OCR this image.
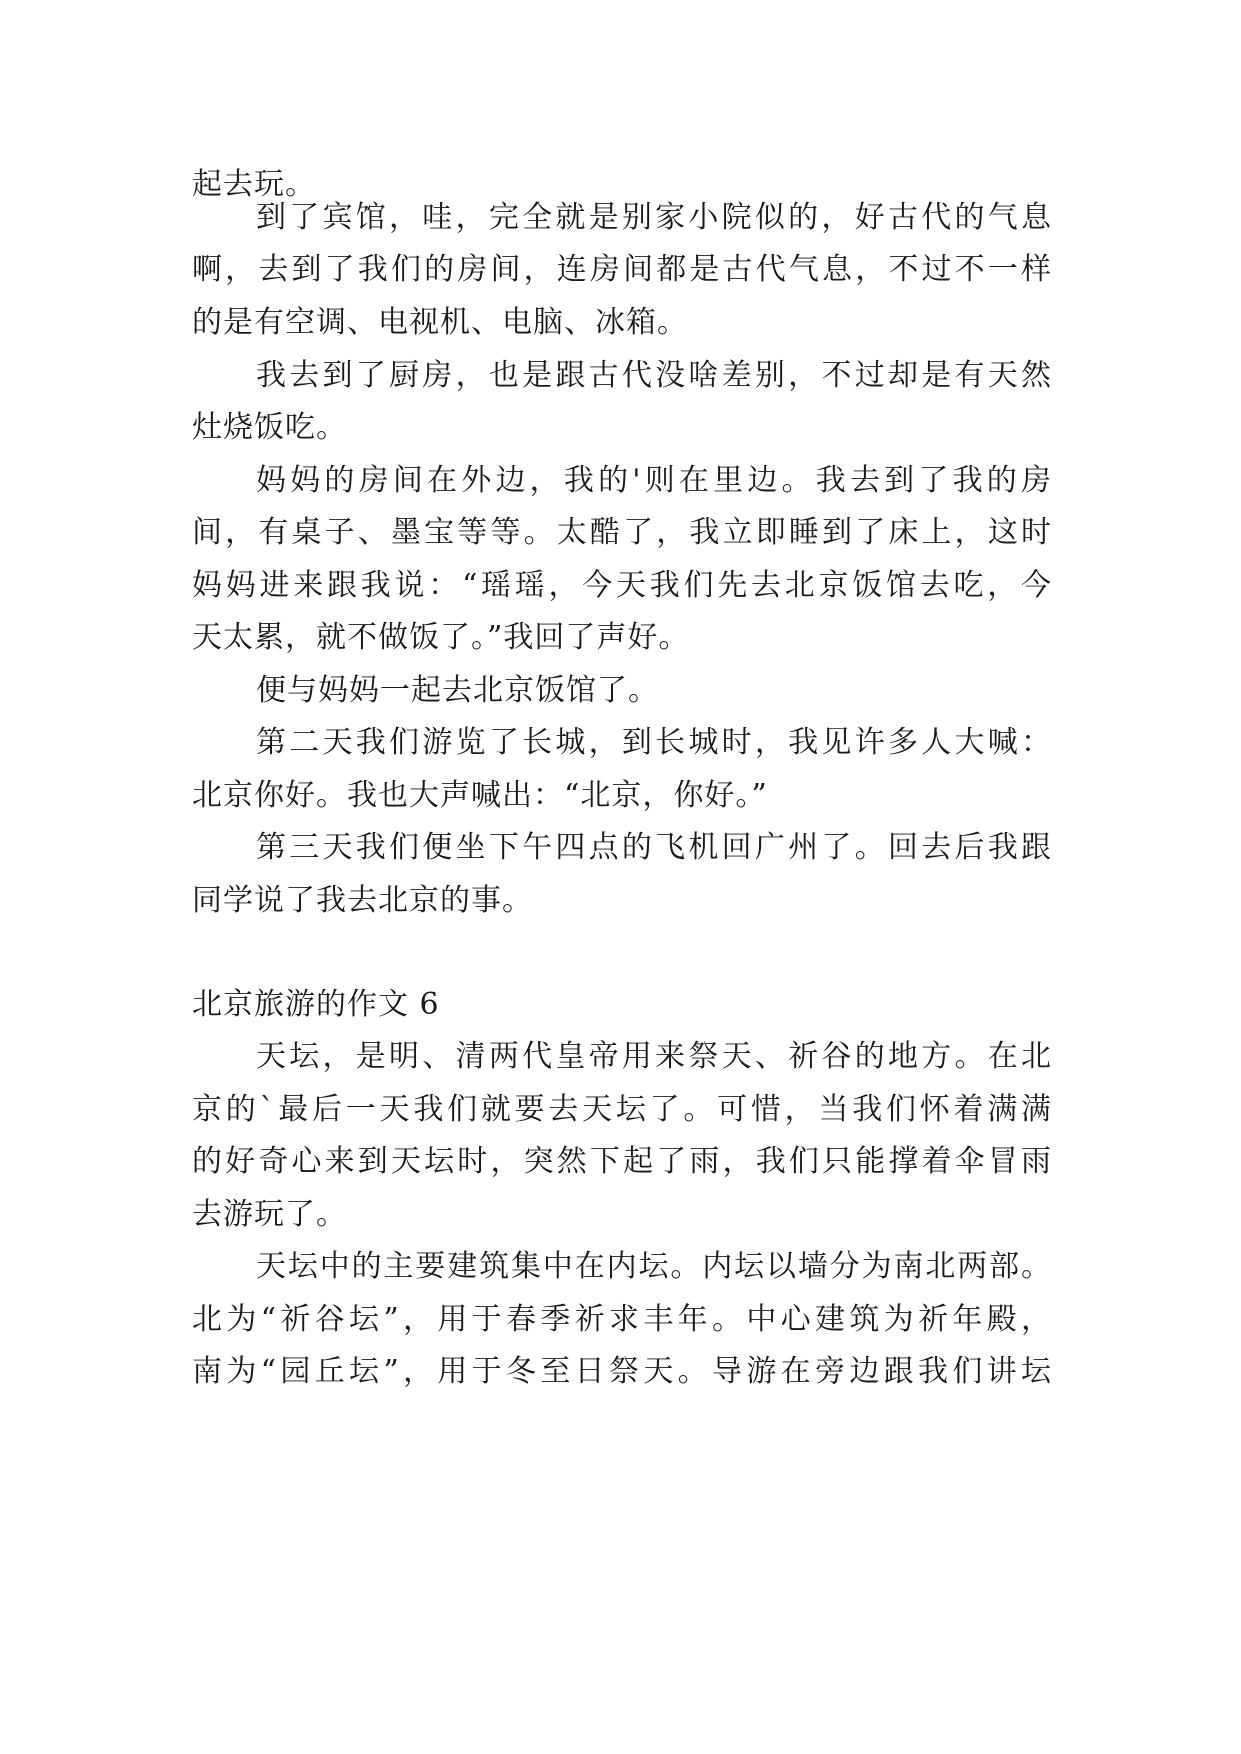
起去玩。
到了宾馆，哇，完全就是别家小院似的，好古代的气息
啊，去到了我们的房间，连房间都是古代气息，不过不一样
的是有空调、电视机、电脑、冰箱。
我去到了厨房，也是跟古代没啥差别，不过却是有天然
灶烧饭吃。
妈妈的房间在外边，我的'则在里边。我去到了我的房
间，有桌子、墨宝等等。太酷了，我立即睡到了床上，这时
妈妈进来跟我说：“瑶瑶，今天我们先去北京饭馆去吃，今
天太累，就不做饭了。”我回了声好。
便与妈妈一起去北京饭馆了。
第二天我们游览了长城，到长城时，我见许多人大喊：
北京你好。我也大声喊出：“北京，你好。”
第三天我们便坐下午四点的飞机回广州了。回去后我跟
同学说了我去北京的事。
北京旅游的作文 6
天坛，是明、清两代皇帝用来祭天、祈谷的地方。在北
京的`最后一天我们就要去天坛了。可惜，当我们怀着满满
的好奇心来到天坛时，突然下起了雨，我们只能撑着伞冒雨
去游玩了。
天坛中的主要建筑集中在内坛。内坛以墙分为南北两部。
北为“祈谷坛”，用于春季祈求丰年。中心建筑为祈年殿，
南为“园丘坛”，用于冬至日祭天。导游在旁边跟我们讲坛
